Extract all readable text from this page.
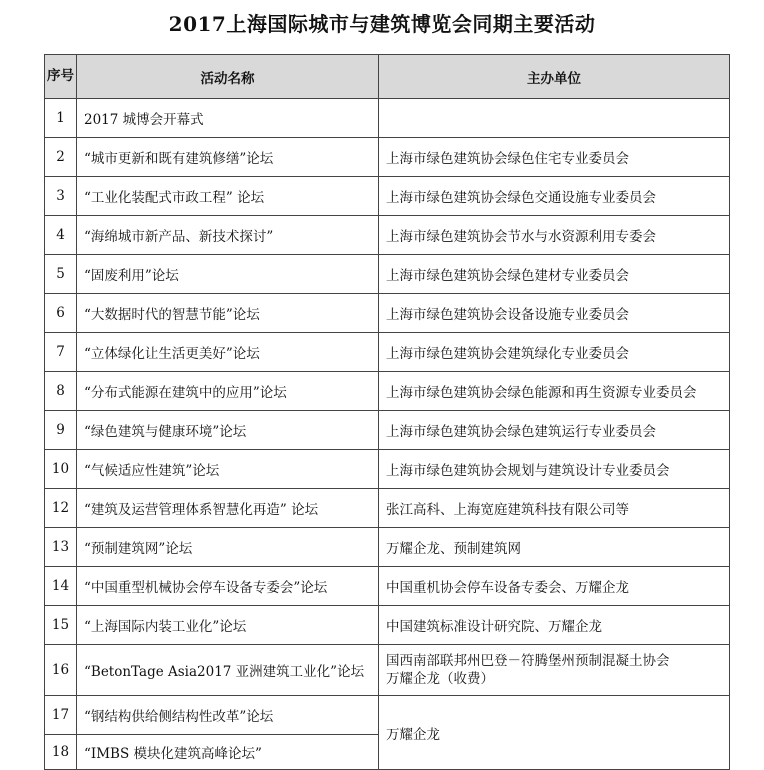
2017上海国际城市与建筑博览会同期主要活动
序号	活动名称	主办单位
1	2017 城博会开幕式	
2	“城市更新和既有建筑修缮”论坛	上海市绿色建筑协会绿色住宅专业委员会
3	“工业化装配式市政工程” 论坛	上海市绿色建筑协会绿色交通设施专业委员会
4	“海绵城市新产品、新技术探讨”	上海市绿色建筑协会节水与水资源利用专委会
5	“固废利用”论坛	上海市绿色建筑协会绿色建材专业委员会
6	“大数据时代的智慧节能”论坛	上海市绿色建筑协会设备设施专业委员会
7	“立体绿化让生活更美好”论坛	上海市绿色建筑协会建筑绿化专业委员会
8	“分布式能源在建筑中的应用”论坛	上海市绿色建筑协会绿色能源和再生资源专业委员会
9	“绿色建筑与健康环境”论坛	上海市绿色建筑协会绿色建筑运行专业委员会
10	“气候适应性建筑”论坛	上海市绿色建筑协会规划与建筑设计专业委员会
12	“建筑及运营管理体系智慧化再造” 论坛	张江高科、上海宽庭建筑科技有限公司等
13	“预制建筑网”论坛	万耀企龙、预制建筑网
14	“中国重型机械协会停车设备专委会”论坛	中国重机协会停车设备专委会、万耀企龙
15	“上海国际内装工业化”论坛	中国建筑标准设计研究院、万耀企龙
16	“BetonTage Asia2017 亚洲建筑工业化”论坛	国西南部联邦州巴登－符腾堡州预制混凝土协会
万耀企龙（收费）

17	“钢结构供给侧结构性改革”论坛	万耀企龙
18	“IMBS 模块化建筑高峰论坛”	
